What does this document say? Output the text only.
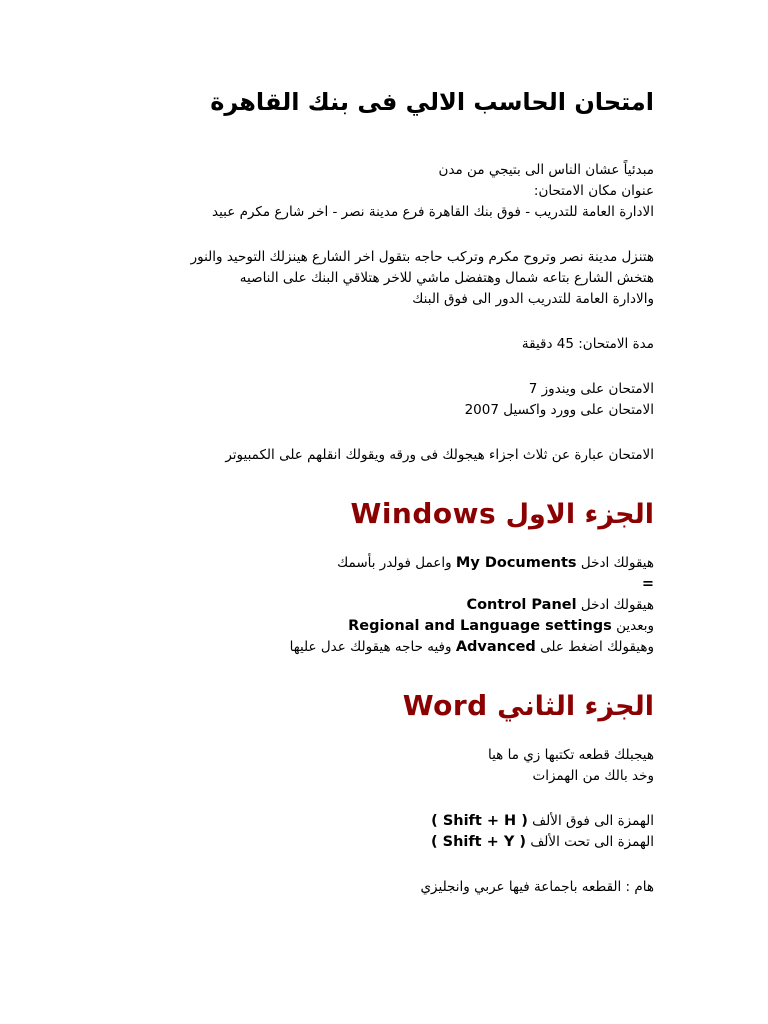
امتحان الحاسب الالي فى بنك القاهرة

مبدئياً عشان الناس الى بتيجي من مدن

عنوان مكان الامتحان:

الادارة العامة للتدريب - فوق بنك القاهرة فرع مدينة نصر - اخر شارع مكرم عبيد

هتنزل مدينة نصر وتروح مكرم وتركب حاجه بتقول اخر الشارع هينزلك التوحيد والنور

هتخش الشارع بتاعه شمال وهتفضل ماشي للاخر هتلاقي البنك على الناصيه

والادارة العامة للتدريب الدور الى فوق البنك

مدة الامتحان: 45 دقيقة

الامتحان على ويندوز 7

الامتحان على وورد واكسيل 2007

الامتحان عبارة عن ثلاث اجزاء هيجولك فى ورقه ويقولك انقلهم على الكمبيوتر

الجزء الاول Windows

هيقولك ادخل My Documents واعمل فولدر بأسمك

=

هيقولك ادخل Control Panel

وبعدين Regional and Language settings

وهيقولك اضغط على Advanced وفيه حاجه هيقولك عدل عليها

الجزء الثاني Word

هيجبلك قطعه تكتبها زي ما هيا

وخد بالك من الهمزات

الهمزة الى فوق الألف ( Shift + H )

الهمزة الى تحت الألف ( Shift + Y )

هام : القطعه باجماعة فيها عربي وانجليزي
